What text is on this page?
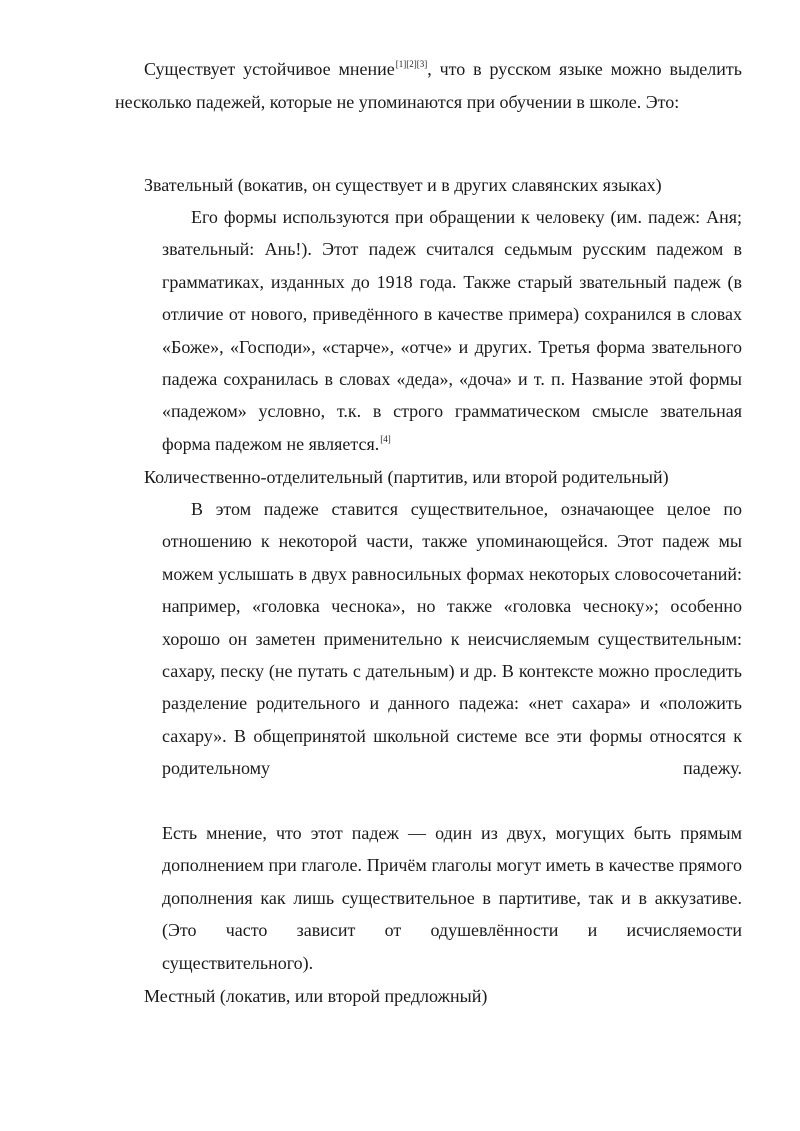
Существует устойчивое мнение[1][2][3], что в русском языке можно выделить несколько падежей, которые не упоминаются при обучении в школе. Это:

Звательный (вокатив, он существует и в других славянских языках)

Его формы используются при обращении к человеку (им. падеж: Аня; звательный: Ань!). Этот падеж считался седьмым русским падежом в грамматиках, изданных до 1918 года. Также старый звательный падеж (в отличие от нового, приведённого в качестве примера) сохранился в словах «Боже», «Господи», «старче», «отче» и других. Третья форма звательного падежа сохранилась в словах «деда», «доча» и т. п. Название этой формы «падежом» условно, т.к. в строго грамматическом смысле звательная форма падежом не является.[4]

Количественно-отделительный (партитив, или второй родительный)

В этом падеже ставится существительное, означающее целое по отношению к некоторой части, также упоминающейся. Этот падеж мы можем услышать в двух равносильных формах некоторых словосочетаний: например, «головка чеснока», но также «головка чесноку»; особенно хорошо он заметен применительно к неисчисляемым существительным: сахару, песку (не путать с дательным) и др. В контексте можно проследить разделение родительного и данного падежа: «нет сахара» и «положить сахару». В общепринятой школьной системе все эти формы относятся к родительному падежу.

Есть мнение, что этот падеж — один из двух, могущих быть прямым дополнением при глаголе. Причём глаголы могут иметь в качестве прямого дополнения как лишь существительное в партитиве, так и в аккузативе. (Это часто зависит от одушевлённости и исчисляемости существительного).

Местный (локатив, или второй предложный)
